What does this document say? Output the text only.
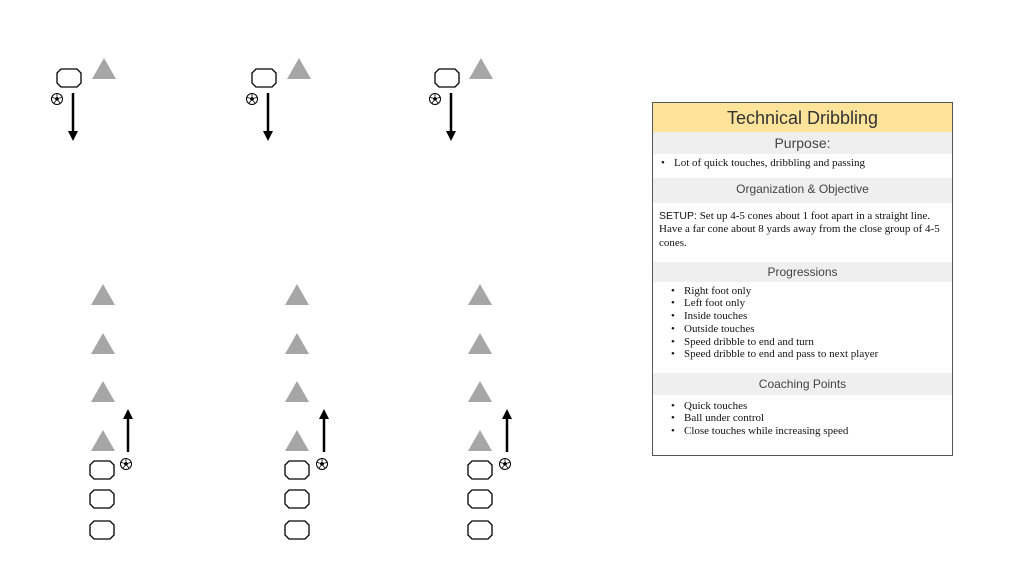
Technical Dribbling
Purpose:
• Lot of quick touches, dribbling and passing
Organization & Objective
SETUP: Set up 4-5 cones about 1 foot apart in a straight line. Have a far cone about 8 yards away from the close group of 4-5 cones.
Progressions
• Right foot only
• Left foot only
• Inside touches
• Outside touches
• Speed dribble to end and turn
• Speed dribble to end and pass to next player
Coaching Points
• Quick touches
• Ball under control
• Close touches while increasing speed
